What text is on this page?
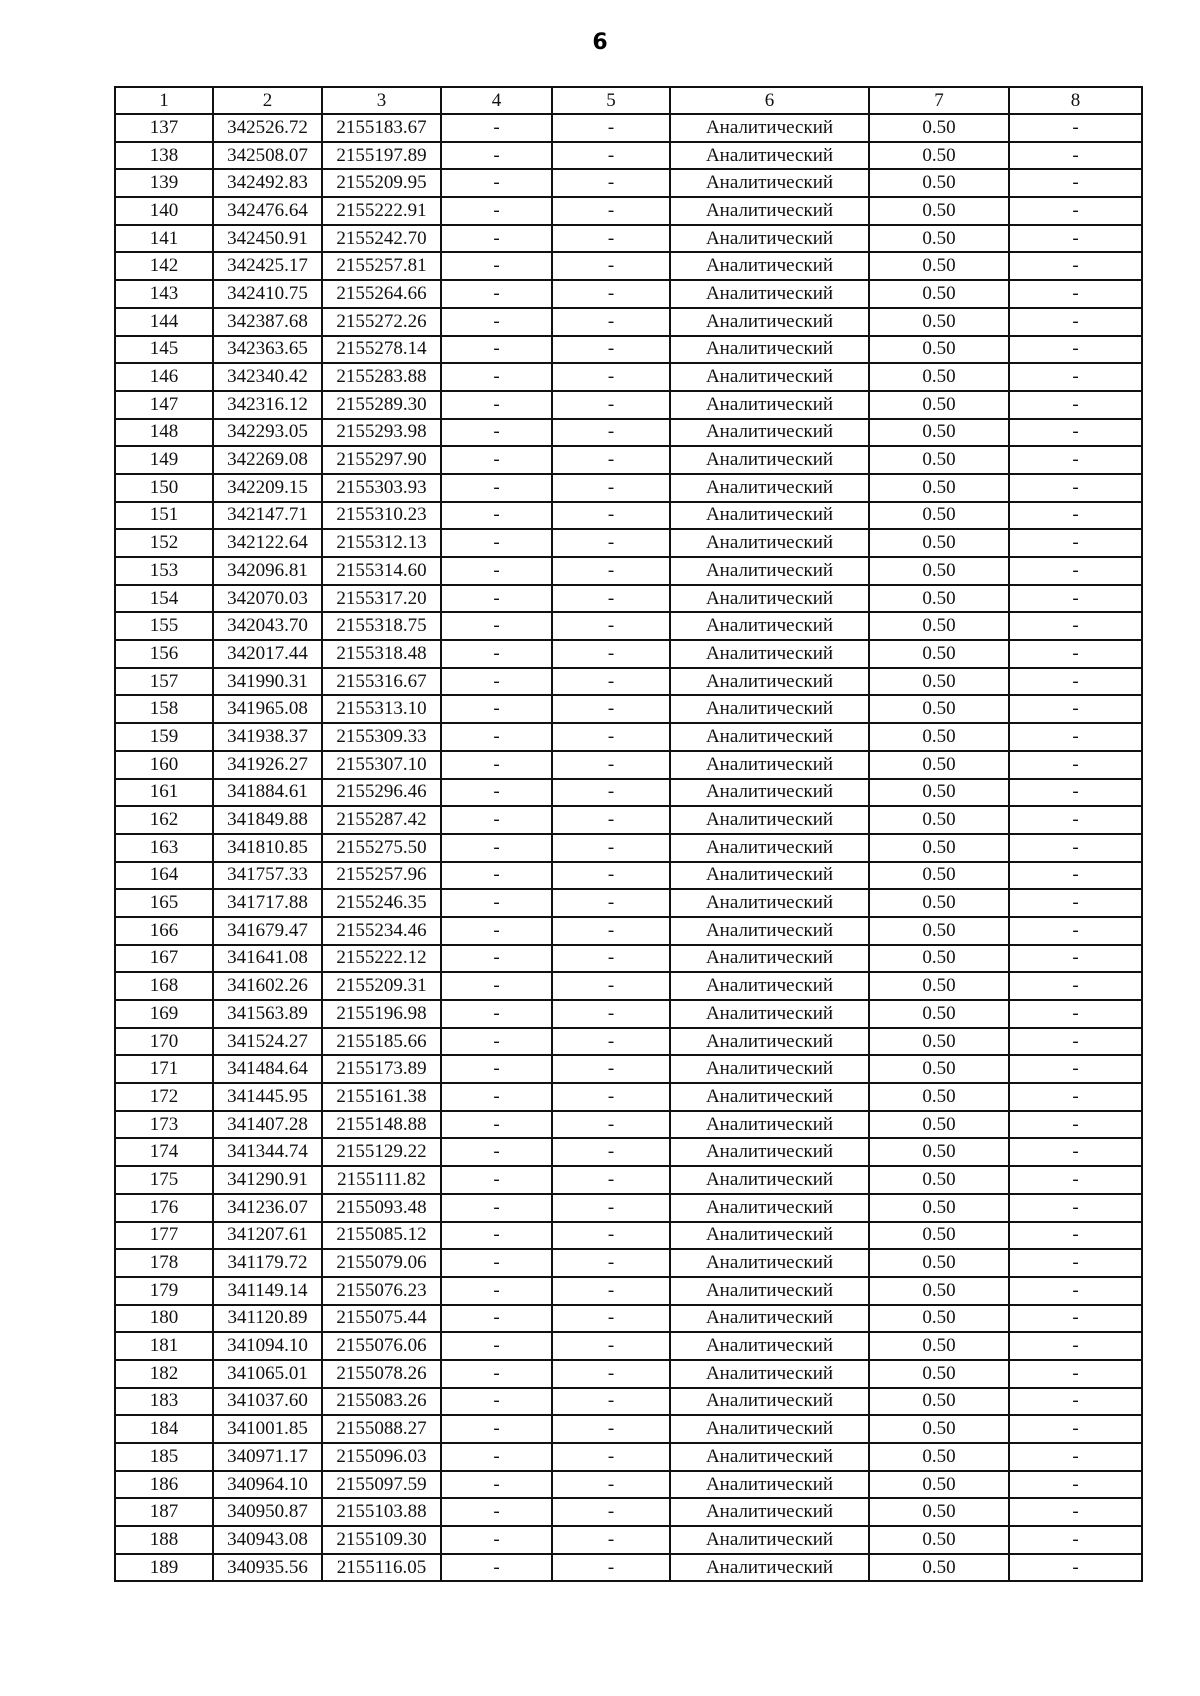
6
1	2	3	4	5	6	7	8
137	342526.72	2155183.67	-	-	Аналитический	0.50	-
138	342508.07	2155197.89	-	-	Аналитический	0.50	-
139	342492.83	2155209.95	-	-	Аналитический	0.50	-
140	342476.64	2155222.91	-	-	Аналитический	0.50	-
141	342450.91	2155242.70	-	-	Аналитический	0.50	-
142	342425.17	2155257.81	-	-	Аналитический	0.50	-
143	342410.75	2155264.66	-	-	Аналитический	0.50	-
144	342387.68	2155272.26	-	-	Аналитический	0.50	-
145	342363.65	2155278.14	-	-	Аналитический	0.50	-
146	342340.42	2155283.88	-	-	Аналитический	0.50	-
147	342316.12	2155289.30	-	-	Аналитический	0.50	-
148	342293.05	2155293.98	-	-	Аналитический	0.50	-
149	342269.08	2155297.90	-	-	Аналитический	0.50	-
150	342209.15	2155303.93	-	-	Аналитический	0.50	-
151	342147.71	2155310.23	-	-	Аналитический	0.50	-
152	342122.64	2155312.13	-	-	Аналитический	0.50	-
153	342096.81	2155314.60	-	-	Аналитический	0.50	-
154	342070.03	2155317.20	-	-	Аналитический	0.50	-
155	342043.70	2155318.75	-	-	Аналитический	0.50	-
156	342017.44	2155318.48	-	-	Аналитический	0.50	-
157	341990.31	2155316.67	-	-	Аналитический	0.50	-
158	341965.08	2155313.10	-	-	Аналитический	0.50	-
159	341938.37	2155309.33	-	-	Аналитический	0.50	-
160	341926.27	2155307.10	-	-	Аналитический	0.50	-
161	341884.61	2155296.46	-	-	Аналитический	0.50	-
162	341849.88	2155287.42	-	-	Аналитический	0.50	-
163	341810.85	2155275.50	-	-	Аналитический	0.50	-
164	341757.33	2155257.96	-	-	Аналитический	0.50	-
165	341717.88	2155246.35	-	-	Аналитический	0.50	-
166	341679.47	2155234.46	-	-	Аналитический	0.50	-
167	341641.08	2155222.12	-	-	Аналитический	0.50	-
168	341602.26	2155209.31	-	-	Аналитический	0.50	-
169	341563.89	2155196.98	-	-	Аналитический	0.50	-
170	341524.27	2155185.66	-	-	Аналитический	0.50	-
171	341484.64	2155173.89	-	-	Аналитический	0.50	-
172	341445.95	2155161.38	-	-	Аналитический	0.50	-
173	341407.28	2155148.88	-	-	Аналитический	0.50	-
174	341344.74	2155129.22	-	-	Аналитический	0.50	-
175	341290.91	2155111.82	-	-	Аналитический	0.50	-
176	341236.07	2155093.48	-	-	Аналитический	0.50	-
177	341207.61	2155085.12	-	-	Аналитический	0.50	-
178	341179.72	2155079.06	-	-	Аналитический	0.50	-
179	341149.14	2155076.23	-	-	Аналитический	0.50	-
180	341120.89	2155075.44	-	-	Аналитический	0.50	-
181	341094.10	2155076.06	-	-	Аналитический	0.50	-
182	341065.01	2155078.26	-	-	Аналитический	0.50	-
183	341037.60	2155083.26	-	-	Аналитический	0.50	-
184	341001.85	2155088.27	-	-	Аналитический	0.50	-
185	340971.17	2155096.03	-	-	Аналитический	0.50	-
186	340964.10	2155097.59	-	-	Аналитический	0.50	-
187	340950.87	2155103.88	-	-	Аналитический	0.50	-
188	340943.08	2155109.30	-	-	Аналитический	0.50	-
189	340935.56	2155116.05	-	-	Аналитический	0.50	-
